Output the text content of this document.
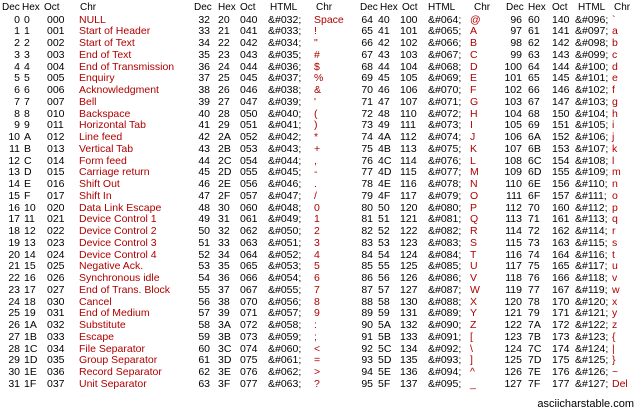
Dec Hex Oct Chr	Dec Hex Oct HTML Chr	Dec Hex Oct HTML Chr Dec Hex Oct HTML Chr
0 0	000 NULL	32 20 040 &#032;	Space	64 40 100 &#064; @	96 60 140 &#096; `
1 1	001 Start of Header	33 21 041 &#033;	!	65 41 101 &#065; A	97 61 141 &#097; a
2 2	002 Start of Text	34 22 042 &#034;	"	66 42 102 &#066; B	98 62 142 &#098; b
3 3	003 End of Text	35 23 043 &#035;	#	67 43 103 &#067; C	99 63 143 &#099; c
4 4	004 End of Transmission	36 24 044 &#036;	$	68 44 104 &#068; D	100 64 144 &#100; d
5 5	005 Enquiry	37 25 045 &#037;	%	69 45 105 &#069; E	101 65 145 &#101; e
6 6	006 Acknowledgment	38 26 046 &#038;	&	70 46 106 &#070; F	102 66 146 &#102; f
7 7	007 Bell	39 27 047 &#039;	'	71 47 107 &#071; G	103 67 147 &#103; g
8 8	010 Backspace	40 28 050 &#040;	(	72 48 110 &#072; H	104 68 150 &#104; h
9 9	011 Horizontal Tab	41 29 051 &#041;	)	73 49 111 &#073; I	105 69 151 &#105; i
10 A	012 Line feed	42 2A 052 &#042;	*	74 4A 112 &#074; J	106 6A 152 &#106; j
11 B	013 Vertical Tab	43 2B 053 &#043;	+	75 4B 113 &#075; K	107 6B 153 &#107; k
12 C	014 Form feed	44 2C 054 &#044;	,	76 4C 114 &#076; L	108 6C 154 &#108; l
13 D	015 Carriage return	45 2D 055 &#045;	-	77 4D 115 &#077; M	109 6D 155 &#109; m
14 E	016 Shift Out	46 2E 056 &#046;	.	78 4E 116 &#078; N	110 6E 156 &#110; n
15 F	017 Shift In	47 2F 057 &#047;	/	79 4F 117 &#079; O	111 6F 157 &#111; o
16 10	020 Data Link Escape	48 30 060 &#048;	0	80 50 120 &#080; P	112 70 160 &#112; p
17 11	021 Device Control 1	49 31 061 &#049;	1	81 51 121 &#081; Q	113 71 161 &#113; q
18 12	022 Device Control 2	50 32 062 &#050;	2	82 52 122 &#082; R	114 72 162 &#114; r
19 13	023 Device Control 3	51 33 063 &#051;	3	83 53 123 &#083; S	115 73 163 &#115; s
20 14	024 Device Control 4	52 34 064 &#052;	4	84 54 124 &#084; T	116 74 164 &#116; t
21 15	025 Negative Ack.	53 35 065 &#053;	5	85 55 125 &#085; U	117 75 165 &#117; u
22 16	026 Synchronous idle	54 36 066 &#054;	6	86 56 126 &#086; V	118 76 166 &#118; v
23 17	027 End of Trans. Block	55 37 067 &#055;	7	87 57 127 &#087; W	119 77 167 &#119; w
24 18	030 Cancel	56 38 070 &#056;	8	88 58 130 &#088; X	120 78 170 &#120; x
25 19	031 End of Medium	57 39 071 &#057;	9	89 59 131 &#089; Y	121 79 171 &#121; y
26 1A 032 Substitute	58 3A 072 &#058;	:	90 5A 132 &#090; Z	122 7A 172 &#122; z
27 1B 033 Escape	59 3B 073 &#059;	;	91 5B 133 &#091; [	123 7B 173 &#123; {
28 1C 034 File Separator	60 3C 074 &#060;	<	92 5C 134 &#092; \	124 7C 174 &#124; |
29 1D 035 Group Separator	61 3D 075 &#061;	=	93 5D 135 &#093; ]	125 7D 175 &#125; }
30 1E 036 Record Separator	62 3E 076 &#062;	>	94 5E 136 &#094; ^	126 7E 176 &#126; ~
31 1F	037 Unit Separator	63 3F 077 &#063;	?	95 5F 137 &#095; _	127 7F 177 &#127; Del
asciicharstable.com
